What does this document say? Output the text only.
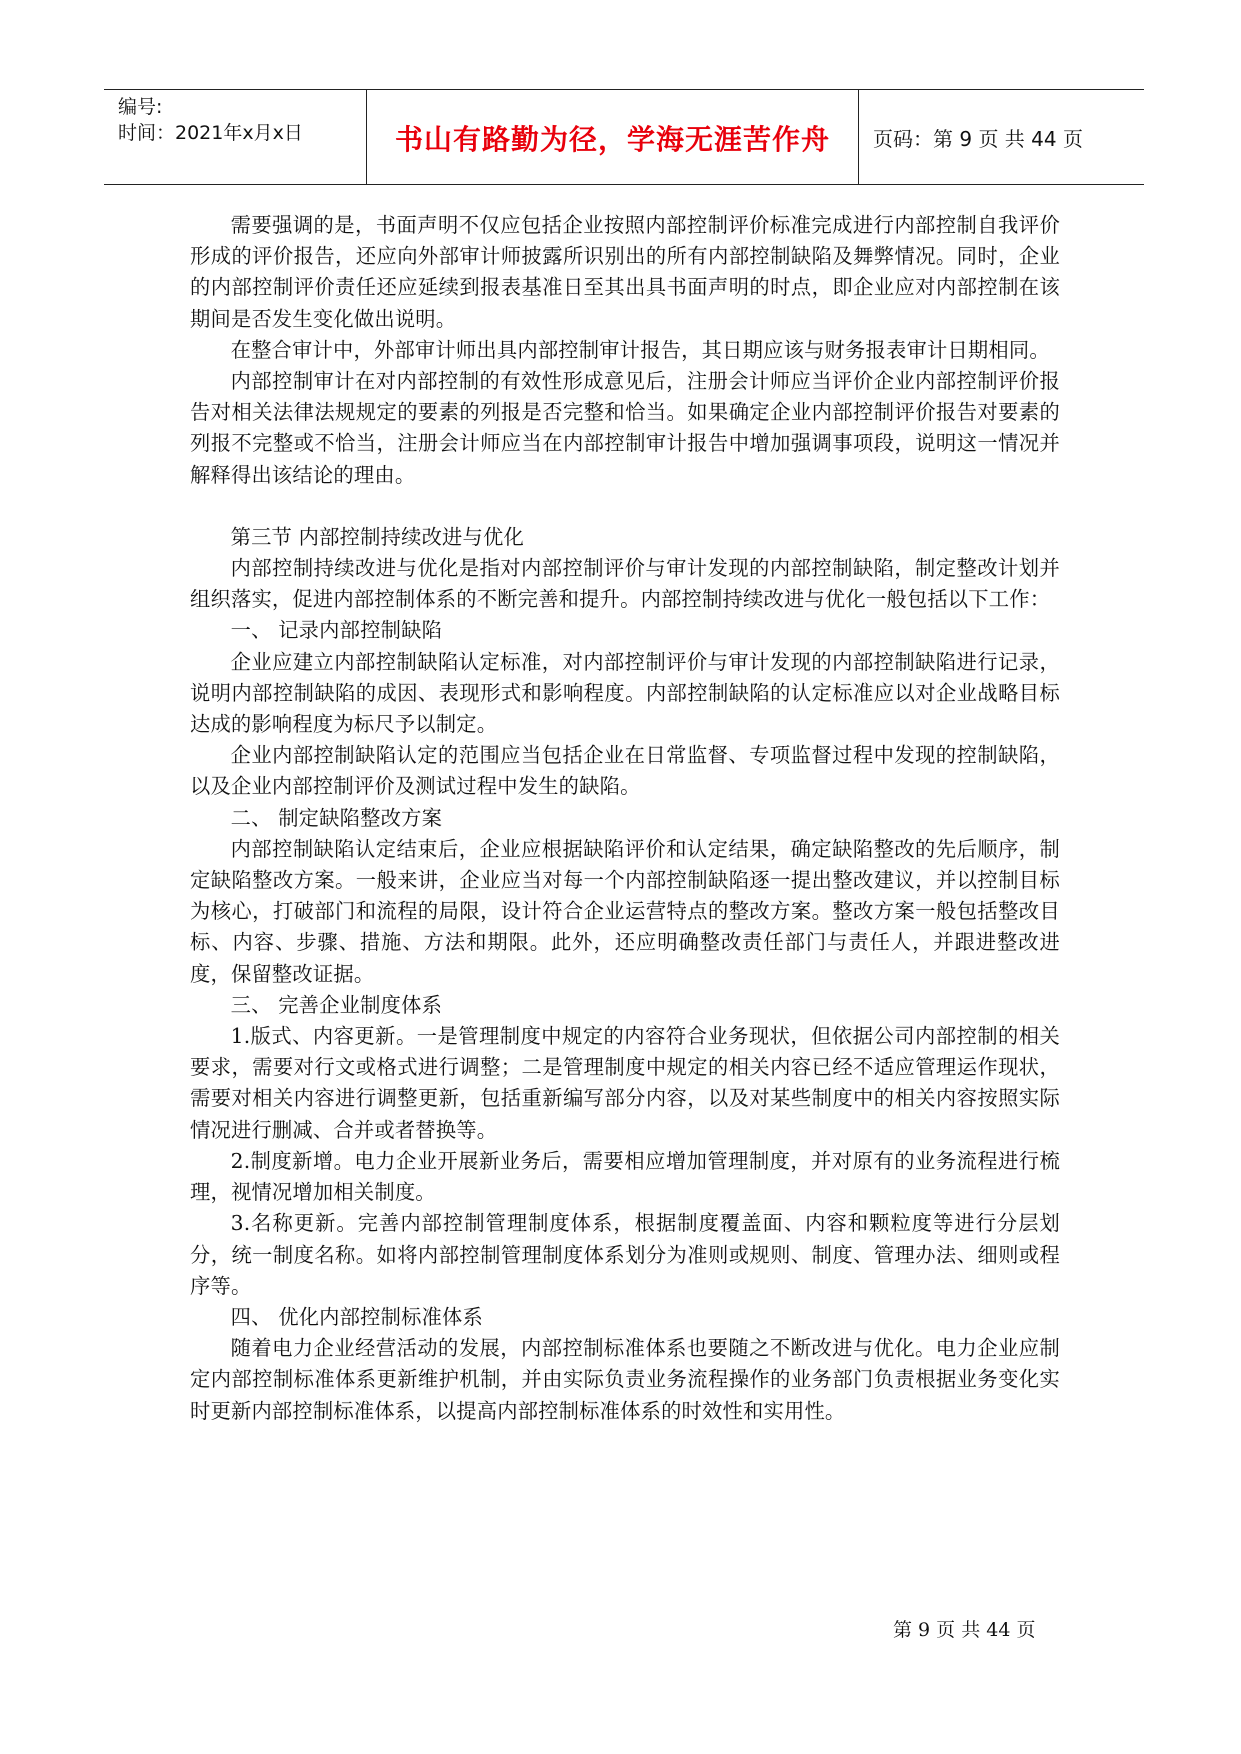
编号:
时间：2021年x月x日	书山有路勤为径，学海无涯苦作舟	页码：第 9 页 共 44 页

需要强调的是，书面声明不仅应包括企业按照内部控制评价标准完成进行内部控制自我评价形成的评价报告，还应向外部审计师披露所识别出的所有内部控制缺陷及舞弊情况。同时，企业的内部控制评价责任还应延续到报表基准日至其出具书面声明的时点，即企业应对内部控制在该期间是否发生变化做出说明。

在整合审计中，外部审计师出具内部控制审计报告，其日期应该与财务报表审计日期相同。

内部控制审计在对内部控制的有效性形成意见后，注册会计师应当评价企业内部控制评价报告对相关法律法规规定的要素的列报是否完整和恰当。如果确定企业内部控制评价报告对要素的列报不完整或不恰当，注册会计师应当在内部控制审计报告中增加强调事项段，说明这一情况并解释得出该结论的理由。

第三节 内部控制持续改进与优化

内部控制持续改进与优化是指对内部控制评价与审计发现的内部控制缺陷，制定整改计划并组织落实，促进内部控制体系的不断完善和提升。内部控制持续改进与优化一般包括以下工作：

一、 记录内部控制缺陷

企业应建立内部控制缺陷认定标准，对内部控制评价与审计发现的内部控制缺陷进行记录，说明内部控制缺陷的成因、表现形式和影响程度。内部控制缺陷的认定标准应以对企业战略目标达成的影响程度为标尺予以制定。

企业内部控制缺陷认定的范围应当包括企业在日常监督、专项监督过程中发现的控制缺陷，以及企业内部控制评价及测试过程中发生的缺陷。

二、 制定缺陷整改方案

内部控制缺陷认定结束后，企业应根据缺陷评价和认定结果，确定缺陷整改的先后顺序，制定缺陷整改方案。一般来讲，企业应当对每一个内部控制缺陷逐一提出整改建议，并以控制目标为核心，打破部门和流程的局限，设计符合企业运营特点的整改方案。整改方案一般包括整改目标、内容、步骤、措施、方法和期限。此外，还应明确整改责任部门与责任人，并跟进整改进度，保留整改证据。

三、 完善企业制度体系

1.版式、内容更新。一是管理制度中规定的内容符合业务现状，但依据公司内部控制的相关要求，需要对行文或格式进行调整；二是管理制度中规定的相关内容已经不适应管理运作现状，需要对相关内容进行调整更新，包括重新编写部分内容，以及对某些制度中的相关内容按照实际情况进行删减、合并或者替换等。

2.制度新增。电力企业开展新业务后，需要相应增加管理制度，并对原有的业务流程进行梳理，视情况增加相关制度。

3.名称更新。完善内部控制管理制度体系，根据制度覆盖面、内容和颗粒度等进行分层划分，统一制度名称。如将内部控制管理制度体系划分为准则或规则、制度、管理办法、细则或程序等。

四、 优化内部控制标准体系

随着电力企业经营活动的发展，内部控制标准体系也要随之不断改进与优化。电力企业应制定内部控制标准体系更新维护机制，并由实际负责业务流程操作的业务部门负责根据业务变化实时更新内部控制标准体系，以提高内部控制标准体系的时效性和实用性。

第 9 页 共 44 页
